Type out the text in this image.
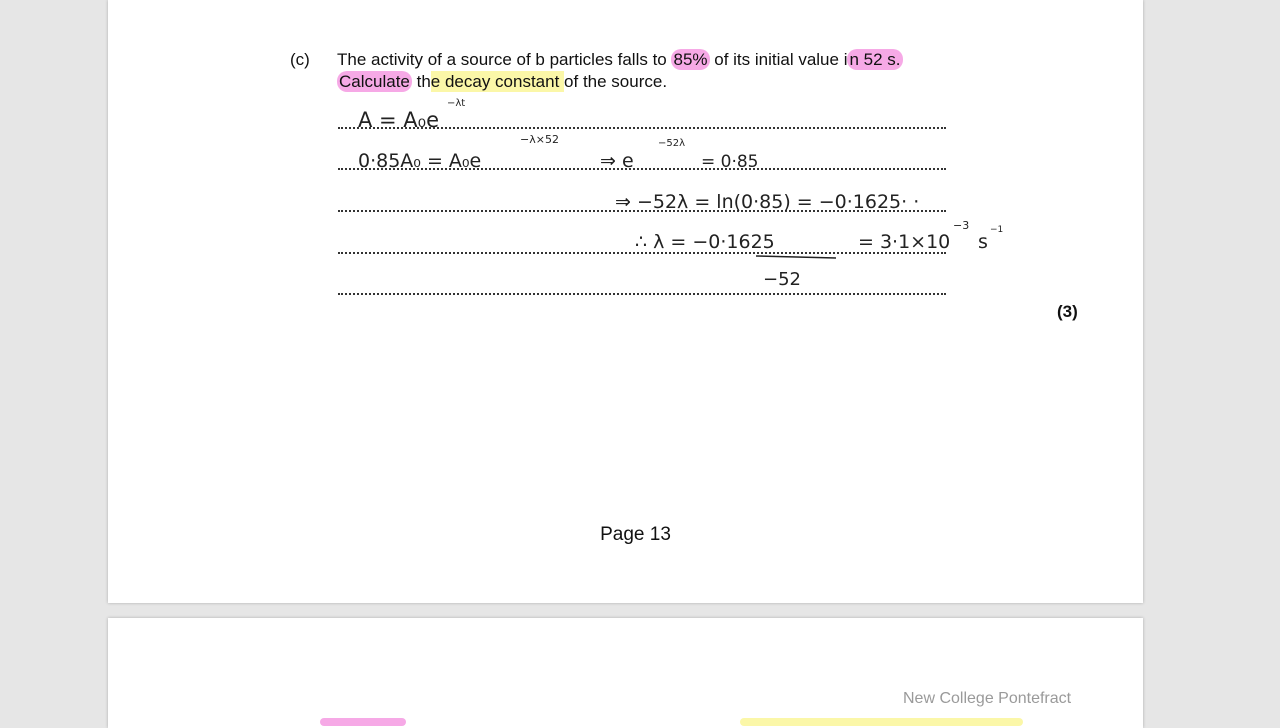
(c) The activity of a source of b particles falls to 85% of its initial value i n 52 s.
Calculate the decay constant of the source.
A = A₀e
−λt
0·85A₀ = A₀e
−λ×52
⇒ e
−52λ
= 0·85
⇒ −52λ = ln(0·85) = −0·1625· ·
∴ λ = −0·1625	= 3·1×10
−3
s
−1
−52
(3)
Page 13
New College Pontefract
